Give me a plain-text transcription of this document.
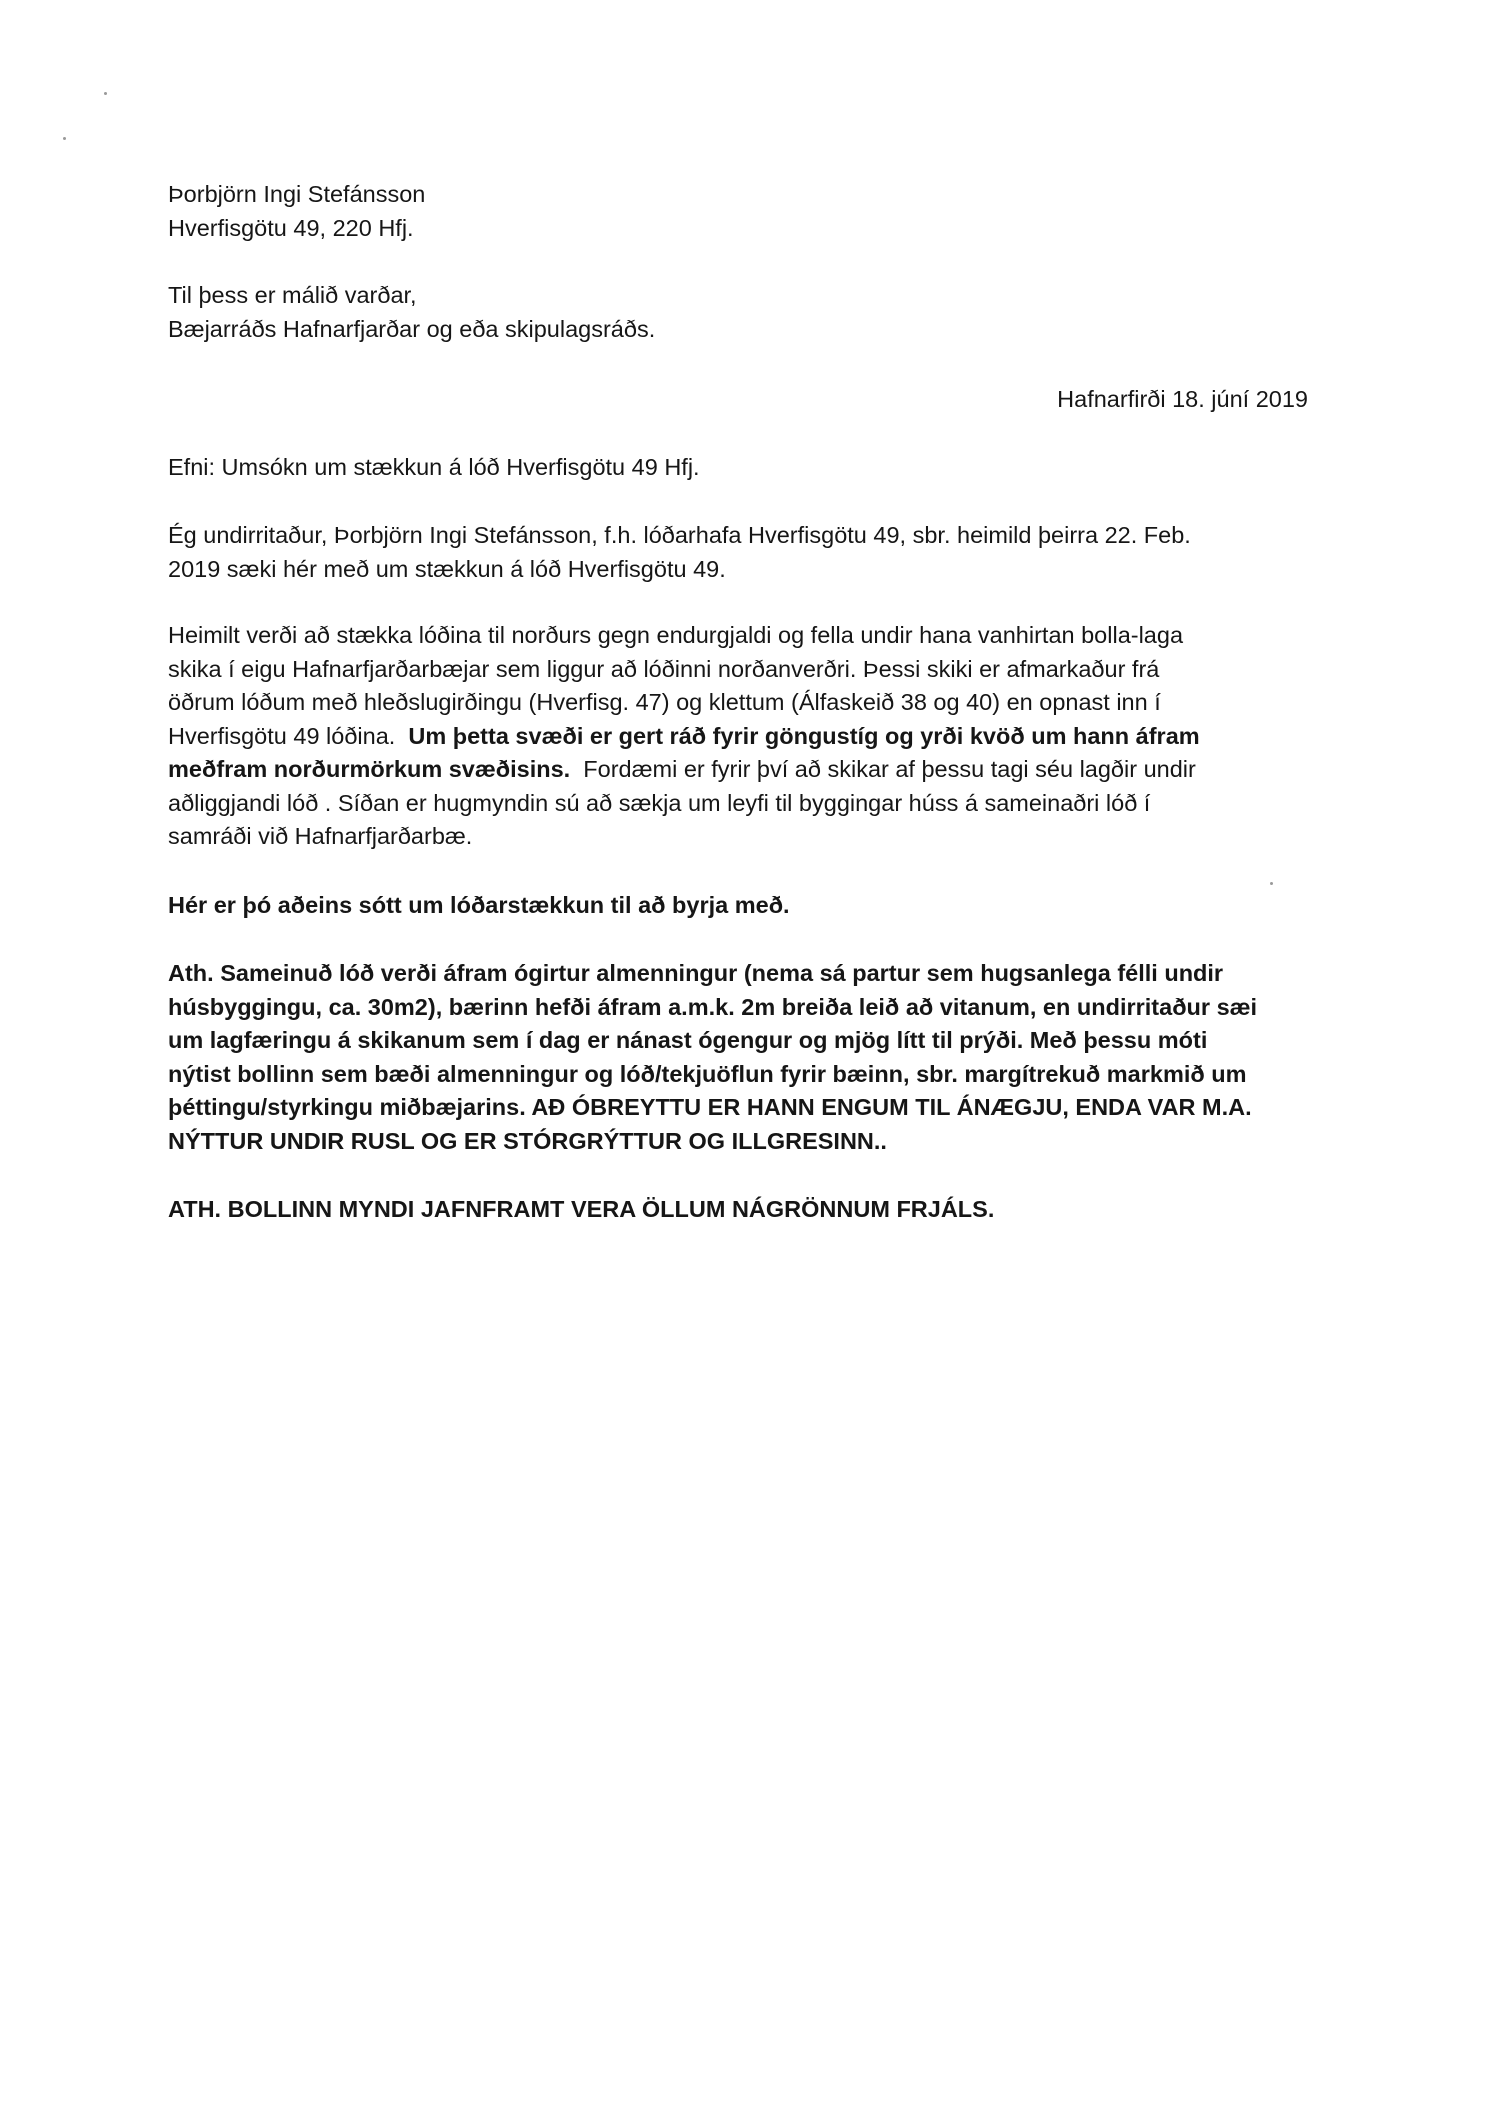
Þorbjörn Ingi Stefánsson
Hverfisgötu 49, 220 Hfj.
Til þess er málið varðar,
Bæjarráðs Hafnarfjarðar og eða skipulagsráðs.
Hafnarfirði 18. júní 2019
Efni: Umsókn um stækkun á lóð Hverfisgötu 49 Hfj.
Ég undirritaður, Þorbjörn Ingi Stefánsson, f.h. lóðarhafa Hverfisgötu 49, sbr. heimild þeirra 22. Feb.
2019 sæki hér með um stækkun á lóð Hverfisgötu 49.
Heimilt verði að stækka lóðina til norðurs gegn endurgjaldi og fella undir hana vanhirtan bolla-laga
skika í eigu Hafnarfjarðarbæjar sem liggur að lóðinni norðanverðri. Þessi skiki er afmarkaður frá
öðrum lóðum með hleðslugirðingu (Hverfisg. 47) og klettum (Álfaskeið 38 og 40) en opnast inn í
Hverfisgötu 49 lóðina.  Um þetta svæði er gert ráð fyrir göngustíg og yrði kvöð um hann áfram
meðfram norðurmörkum svæðisins.  Fordæmi er fyrir því að skikar af þessu tagi séu lagðir undir
aðliggjandi lóð . Síðan er hugmyndin sú að sækja um leyfi til byggingar húss á sameinaðri lóð í
samráði við Hafnarfjarðarbæ.
Hér er þó aðeins sótt um lóðarstækkun til að byrja með.
Ath. Sameinuð lóð verði áfram ógirtur almenningur (nema sá partur sem hugsanlega félli undir
húsbyggingu, ca. 30m2), bærinn hefði áfram a.m.k. 2m breiða leið að vitanum, en undirritaður sæi
um lagfæringu á skikanum sem í dag er nánast ógengur og mjög lítt til prýði. Með þessu móti
nýtist bollinn sem bæði almenningur og lóð/tekjuöflun fyrir bæinn, sbr. margítrekuð markmið um
þéttingu/styrkingu miðbæjarins. AÐ ÓBREYTTU ER HANN ENGUM TIL ÁNÆGJU, ENDA VAR M.A.
NÝTTUR UNDIR RUSL OG ER STÓRGRÝTTUR OG ILLGRESINN..
ATH. BOLLINN MYNDI JAFNFRAMT VERA ÖLLUM NÁGRÖNNUM FRJÁLS.
